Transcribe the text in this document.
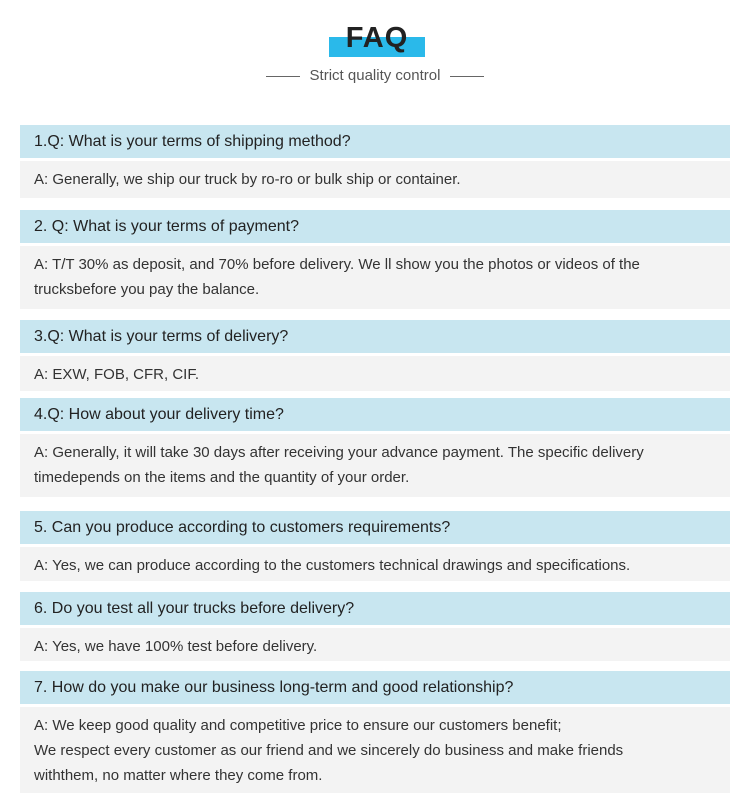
FAQ
Strict quality control
1.Q: What is your terms of shipping method?
A: Generally, we ship our truck by ro-ro or bulk ship or container.
2. Q: What is your terms of payment?
A: T/T 30% as deposit, and 70% before delivery. We ll show you the photos or videos of the
trucksbefore you pay the balance.
3.Q: What is your terms of delivery?
A: EXW, FOB, CFR, CIF.
4.Q: How about your delivery time?
A: Generally, it will take 30 days after receiving your advance payment. The specific delivery
timedepends on the items and the quantity of your order.
5. Can you produce according to customers requirements?
A: Yes, we can produce according to the customers technical drawings and specifications.
6. Do you test all your trucks before delivery?
A: Yes, we have 100% test before delivery.
7. How do you make our business long-term and good relationship?
A: We keep good quality and competitive price to ensure our customers benefit;
We respect every customer as our friend and we sincerely do business and make friends
withthem, no matter where they come from.
